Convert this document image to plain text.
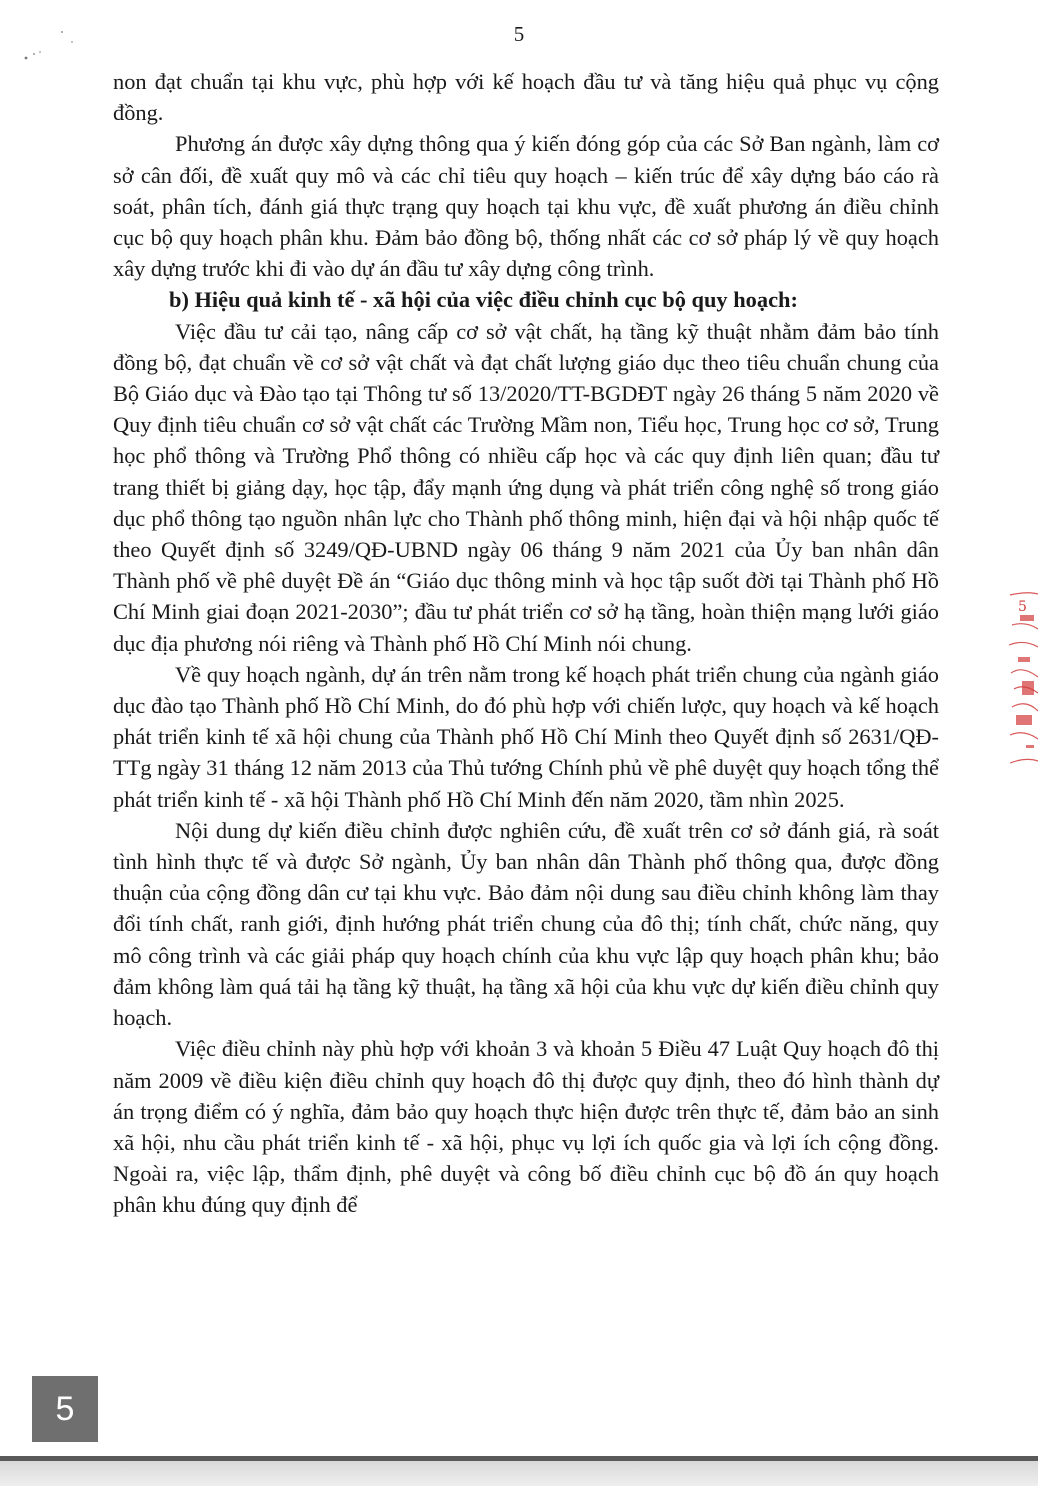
5

non đạt chuẩn tại khu vực, phù hợp với kế hoạch đầu tư và tăng hiệu quả phục vụ cộng đồng.

Phương án được xây dựng thông qua ý kiến đóng góp của các Sở Ban ngành, làm cơ sở cân đối, đề xuất quy mô và các chỉ tiêu quy hoạch – kiến trúc để xây dựng báo cáo rà soát, phân tích, đánh giá thực trạng quy hoạch tại khu vực, đề xuất phương án điều chỉnh cục bộ quy hoạch phân khu. Đảm bảo đồng bộ, thống nhất các cơ sở pháp lý về quy hoạch xây dựng trước khi đi vào dự án đầu tư xây dựng công trình.

b) Hiệu quả kinh tế - xã hội của việc điều chỉnh cục bộ quy hoạch:

Việc đầu tư cải tạo, nâng cấp cơ sở vật chất, hạ tầng kỹ thuật nhằm đảm bảo tính đồng bộ, đạt chuẩn về cơ sở vật chất và đạt chất lượng giáo dục theo tiêu chuẩn chung của Bộ Giáo dục và Đào tạo tại Thông tư số 13/2020/TT-BGDĐT ngày 26 tháng 5 năm 2020 về Quy định tiêu chuẩn cơ sở vật chất các Trường Mầm non, Tiểu học, Trung học cơ sở, Trung học phổ thông và Trường Phổ thông có nhiều cấp học và các quy định liên quan; đầu tư trang thiết bị giảng dạy, học tập, đẩy mạnh ứng dụng và phát triển công nghệ số trong giáo dục phổ thông tạo nguồn nhân lực cho Thành phố thông minh, hiện đại và hội nhập quốc tế theo Quyết định số 3249/QĐ-UBND ngày 06 tháng 9 năm 2021 của Ủy ban nhân dân Thành phố về phê duyệt Đề án “Giáo dục thông minh và học tập suốt đời tại Thành phố Hồ Chí Minh giai đoạn 2021-2030”; đầu tư phát triển cơ sở hạ tầng, hoàn thiện mạng lưới giáo dục địa phương nói riêng và Thành phố Hồ Chí Minh nói chung.

Về quy hoạch ngành, dự án trên nằm trong kế hoạch phát triển chung của ngành giáo dục đào tạo Thành phố Hồ Chí Minh, do đó phù hợp với chiến lược, quy hoạch và kế hoạch phát triển kinh tế xã hội chung của Thành phố Hồ Chí Minh theo Quyết định số 2631/QĐ-TTg ngày 31 tháng 12 năm 2013 của Thủ tướng Chính phủ về phê duyệt quy hoạch tổng thể phát triển kinh tế - xã hội Thành phố Hồ Chí Minh đến năm 2020, tầm nhìn 2025.

Nội dung dự kiến điều chỉnh được nghiên cứu, đề xuất trên cơ sở đánh giá, rà soát tình hình thực tế và được Sở ngành, Ủy ban nhân dân Thành phố thông qua, được đồng thuận của cộng đồng dân cư tại khu vực. Bảo đảm nội dung sau điều chỉnh không làm thay đổi tính chất, ranh giới, định hướng phát triển chung của đô thị; tính chất, chức năng, quy mô công trình và các giải pháp quy hoạch chính của khu vực lập quy hoạch phân khu; bảo đảm không làm quá tải hạ tầng kỹ thuật, hạ tầng xã hội của khu vực dự kiến điều chỉnh quy hoạch.

Việc điều chỉnh này phù hợp với khoản 3 và khoản 5 Điều 47 Luật Quy hoạch đô thị năm 2009 về điều kiện điều chỉnh quy hoạch đô thị được quy định, theo đó hình thành dự án trọng điểm có ý nghĩa, đảm bảo quy hoạch thực hiện được trên thực tế, đảm bảo an sinh xã hội, nhu cầu phát triển kinh tế - xã hội, phục vụ lợi ích quốc gia và lợi ích cộng đồng. Ngoài ra, việc lập, thẩm định, phê duyệt và công bố điều chỉnh cục bộ đồ án quy hoạch phân khu đúng quy định để

5
5
